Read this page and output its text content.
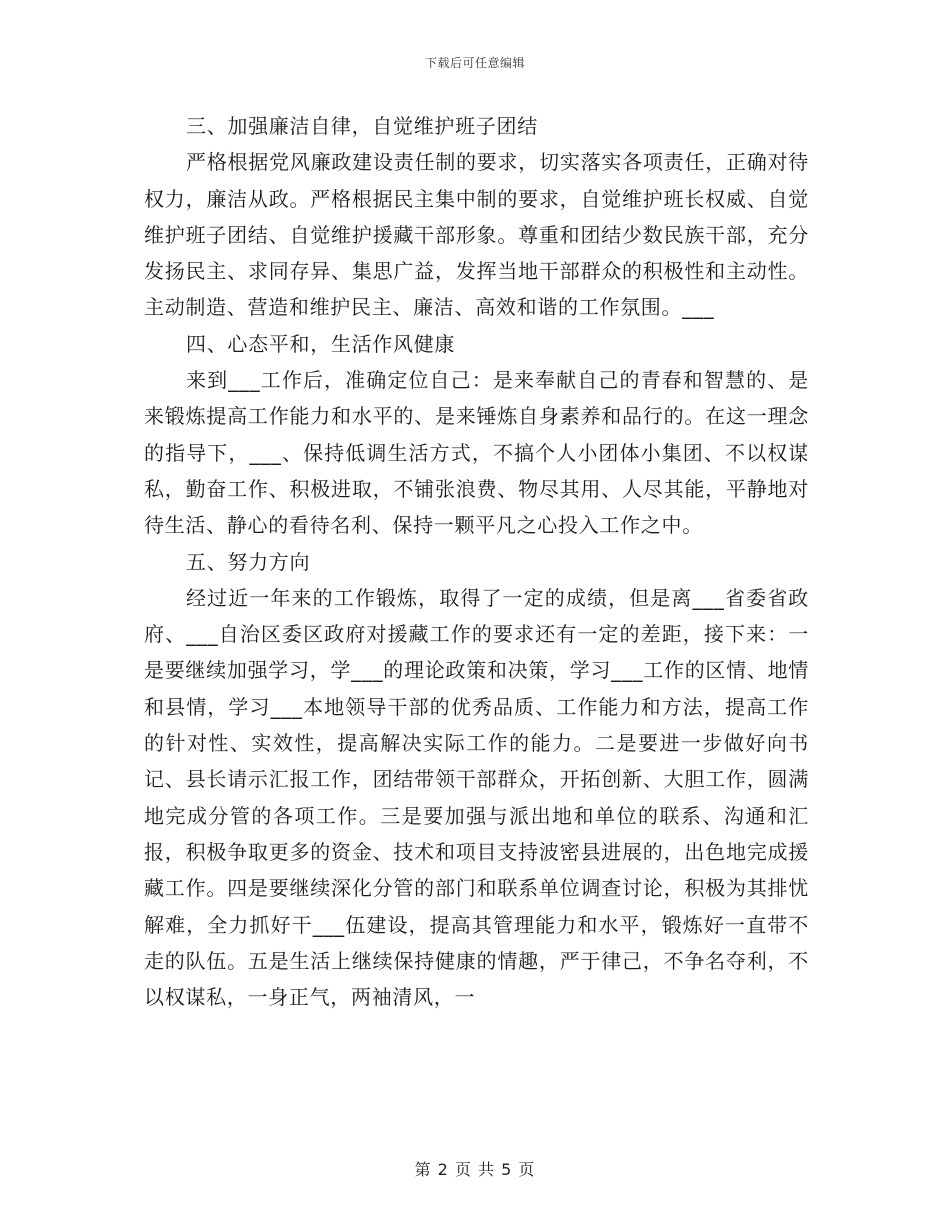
下载后可任意编辑

三、加强廉洁自律，自觉维护班子团结

严格根据党风廉政建设责任制的要求，切实落实各项责任，正确对待权力，廉洁从政。严格根据民主集中制的要求，自觉维护班长权威、自觉维护班子团结、自觉维护援藏干部形象。尊重和团结少数民族干部，充分发扬民主、求同存异、集思广益，发挥当地干部群众的积极性和主动性。主动制造、营造和维护民主、廉洁、高效和谐的工作氛围。___

四、心态平和，生活作风健康

来到___工作后，准确定位自己：是来奉献自己的青春和智慧的、是来锻炼提高工作能力和水平的、是来锤炼自身素养和品行的。在这一理念的指导下，___、保持低调生活方式，不搞个人小团体小集团、不以权谋私，勤奋工作、积极进取，不铺张浪费、物尽其用、人尽其能，平静地对待生活、静心的看待名利、保持一颗平凡之心投入工作之中。

五、努力方向

经过近一年来的工作锻炼，取得了一定的成绩，但是离___省委省政府、___自治区委区政府对援藏工作的要求还有一定的差距，接下来：一是要继续加强学习，学___的理论政策和决策，学习___工作的区情、地情和县情，学习___本地领导干部的优秀品质、工作能力和方法，提高工作的针对性、实效性，提高解决实际工作的能力。二是要进一步做好向书记、县长请示汇报工作，团结带领干部群众，开拓创新、大胆工作，圆满地完成分管的各项工作。三是要加强与派出地和单位的联系、沟通和汇报，积极争取更多的资金、技术和项目支持波密县进展的，出色地完成援藏工作。四是要继续深化分管的部门和联系单位调查讨论，积极为其排忧解难，全力抓好干___伍建设，提高其管理能力和水平，锻炼好一直带不走的队伍。五是生活上继续保持健康的情趣，严于律己，不争名夺利，不以权谋私，一身正气，两袖清风，一

第 2 页 共 5 页
